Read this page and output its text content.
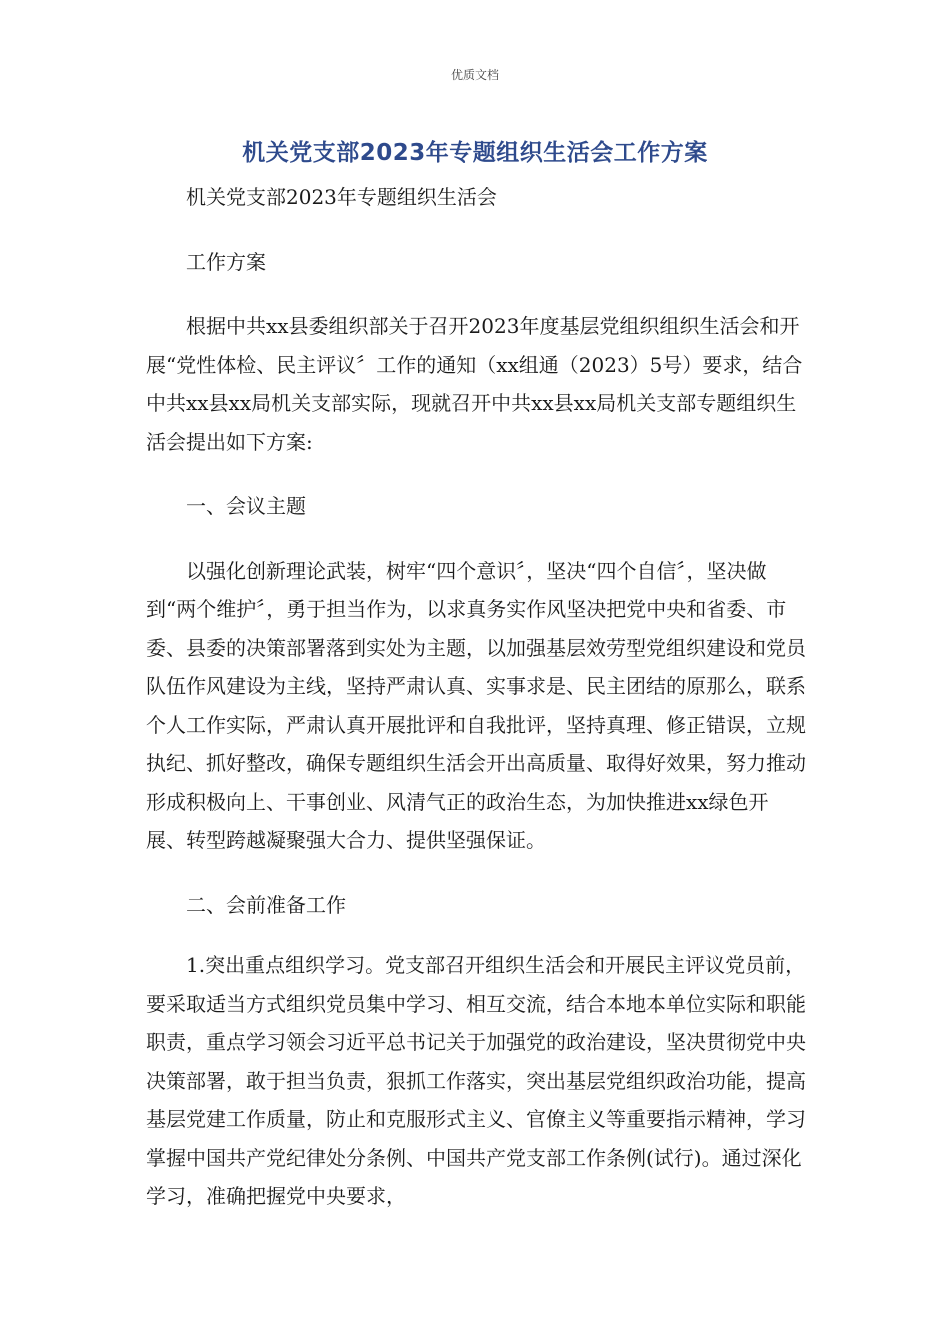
优质文档
机关党支部2023年专题组织生活会工作方案

机关党支部2023年专题组织生活会

工作方案

根据中共xx县委组织部关于召开2023年度基层党组织组织生活会和开展“党性体检、民主评议〞工作的通知（xx组通（2023）5号）要求，结合中共xx县xx局机关支部实际，现就召开中共xx县xx局机关支部专题组织生活会提出如下方案:

一、会议主题

以强化创新理论武装，树牢“四个意识〞，坚决“四个自信〞，坚决做到“两个维护〞，勇于担当作为，以求真务实作风坚决把党中央和省委、市委、县委的决策部署落到实处为主题，以加强基层效劳型党组织建设和党员队伍作风建设为主线，坚持严肃认真、实事求是、民主团结的原那么，联系个人工作实际，严肃认真开展批评和自我批评，坚持真理、修正错误，立规执纪、抓好整改，确保专题组织生活会开出高质量、取得好效果，努力推动形成积极向上、干事创业、风清气正的政治生态，为加快推进xx绿色开展、转型跨越凝聚强大合力、提供坚强保证。

二、会前准备工作

1.突出重点组织学习。党支部召开组织生活会和开展民主评议党员前，要采取适当方式组织党员集中学习、相互交流，结合本地本单位实际和职能职责，重点学习领会习近平总书记关于加强党的政治建设，坚决贯彻党中央决策部署，敢于担当负责，狠抓工作落实，突出基层党组织政治功能，提高基层党建工作质量，防止和克服形式主义、官僚主义等重要指示精神，学习掌握中国共产党纪律处分条例、中国共产党支部工作条例(试行)。通过深化学习，准确把握党中央要求，
